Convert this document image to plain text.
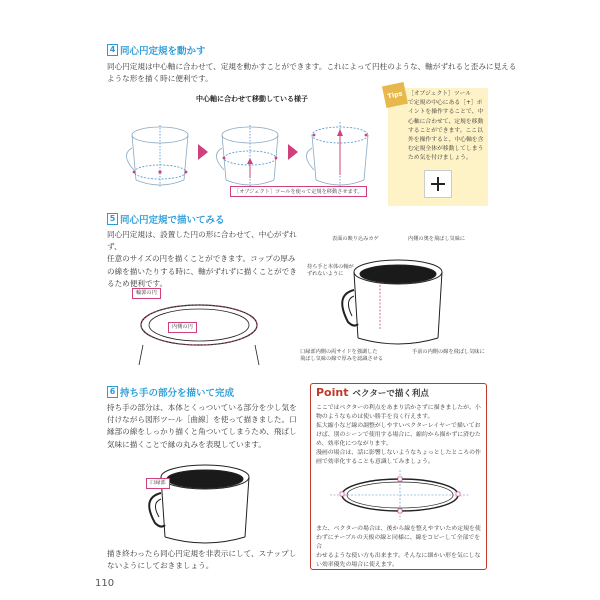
4 同心円定規を動かす
同心円定規は中心軸に合わせて、定規を動かすことができます。これによって円柱のような、軸がずれると歪みに見える
ような形を描く時に便利です。
中心軸に合わせて移動している様子
［オブジェクト］ツールを使って定規を移動させます。
Tips ［オブジェクト］ツール
で定規の中心にある［+］ポ
イントを操作することで、中
心軸に合わせて、定規を移動
することができます。ここ以
外を操作すると、中心軸を含
む定規全体が移動してしまう
ため気を付けましょう。
5 同心円定規で描いてみる
同心円定規は、設置した円の形に合わせて、中心がずれず、
任意のサイズの円を描くことができます。コップの厚み
の線を描いたりする時に、軸がずれずに描くことができ
るため便利です。
輪郭の円
内側の円
表面の映り込みカゲ	内側の奥を飛ばし気味に
持ち手と本体の軸が
ずれないように
口縁部内側の両サイドを強調した
飛ばし気味の線で厚みを認識させる
手前の内側の線を飛ばし気味に
6 持ち手の部分を描いて完成
持ち手の部分は、本体とくっついている部分を少し気を
付けながら図形ツール［曲線］を使って描きました。口
縁部の線をしっかり描くと角ついてしまうため、飛ばし
気味に描くことで縁の丸みを表現しています。
口縁部
描き終わったら同心円定規を非表示にして、スナップし
ないようにしておきましょう。
Point ベクターで描く利点
ここではベクターの利点をあまり活かさずに描きましたが、小
物のようなものは使い勝手を良く行えます。
拡大縮小など線の調整がしやすいベクターレイヤーで描いてお
けば、別のシーンで使用する場合に、縮約から描かずに済むた
め、効率化につながります。
漫画の場合は、話に影響しないようなちょっとしたところの作
画で効率化することも意識してみましょう。
また、ベクターの場合は、後から線を整えやすいため定規を使
わずにテーブルの天板の線と同様に、線をコピーして全部でを合
わせるような使い方も出来ます。そんなに細かい形を気にしな
い効率優先の場合に使えます。
110
